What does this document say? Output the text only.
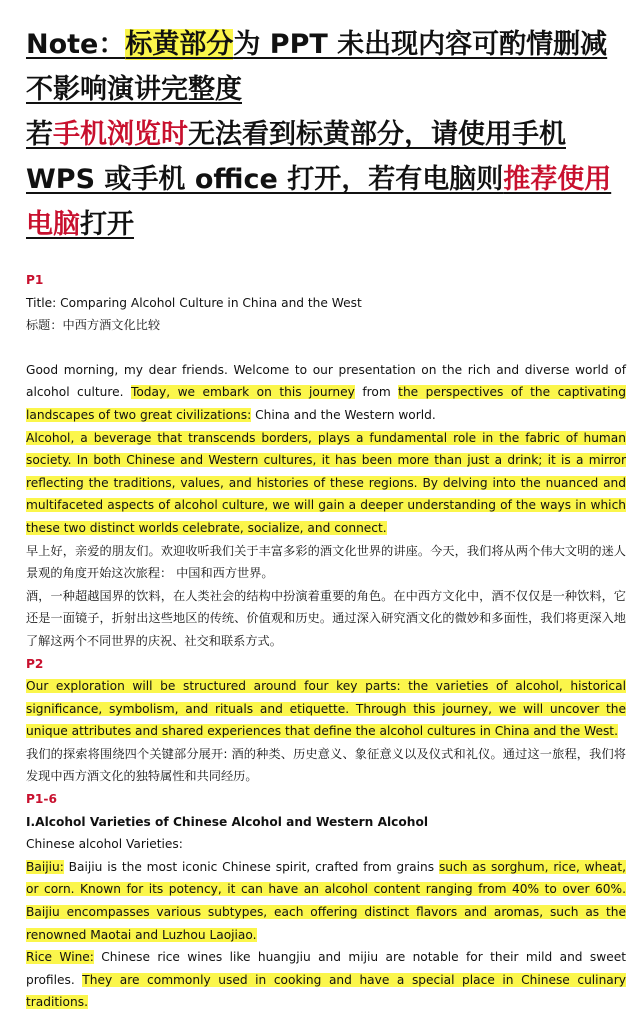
Note：标黄部分为 PPT 未出现内容可酌情删减不影响演讲完整度

若手机浏览时无法看到标黄部分，请使用手机 WPS 或手机 office 打开，若有电脑则推荐使用电脑打开

P1

Title: Comparing Alcohol Culture in China and the West

标题：中西方酒文化比较

Good morning, my dear friends. Welcome to our presentation on the rich and diverse world of alcohol culture. Today, we embark on this journey from the perspectives of the captivating landscapes of two great civilizations: China and the Western world.

Alcohol, a beverage that transcends borders, plays a fundamental role in the fabric of human society. In both Chinese and Western cultures, it has been more than just a drink; it is a mirror reflecting the traditions, values, and histories of these regions. By delving into the nuanced and multifaceted aspects of alcohol culture, we will gain a deeper understanding of the ways in which these two distinct worlds celebrate, socialize, and connect.

早上好，亲爱的朋友们。欢迎收听我们关于丰富多彩的酒文化世界的讲座。今天，我们将从两个伟大文明的迷人景观的角度开始这次旅程： 中国和西方世界。

酒，一种超越国界的饮料，在人类社会的结构中扮演着重要的角色。在中西方文化中，酒不仅仅是一种饮料，它还是一面镜子，折射出这些地区的传统、价值观和历史。通过深入研究酒文化的微妙和多面性，我们将更深入地了解这两个不同世界的庆祝、社交和联系方式。

P2

Our exploration will be structured around four key parts: the varieties of alcohol, historical significance, symbolism, and rituals and etiquette. Through this journey, we will uncover the unique attributes and shared experiences that define the alcohol cultures in China and the West.

我们的探索将围绕四个关键部分展开: 酒的种类、历史意义、象征意义以及仪式和礼仪。通过这一旅程，我们将发现中西方酒文化的独特属性和共同经历。

P1-6

I.Alcohol Varieties of Chinese Alcohol and Western Alcohol

Chinese alcohol Varieties:

Baijiu: Baijiu is the most iconic Chinese spirit, crafted from grains such as sorghum, rice, wheat, or corn. Known for its potency, it can have an alcohol content ranging from 40% to over 60%. Baijiu encompasses various subtypes, each offering distinct flavors and aromas, such as the renowned Maotai and Luzhou Laojiao.

Rice Wine: Chinese rice wines like huangjiu and mijiu are notable for their mild and sweet profiles. They are commonly used in cooking and have a special place in Chinese culinary traditions.
